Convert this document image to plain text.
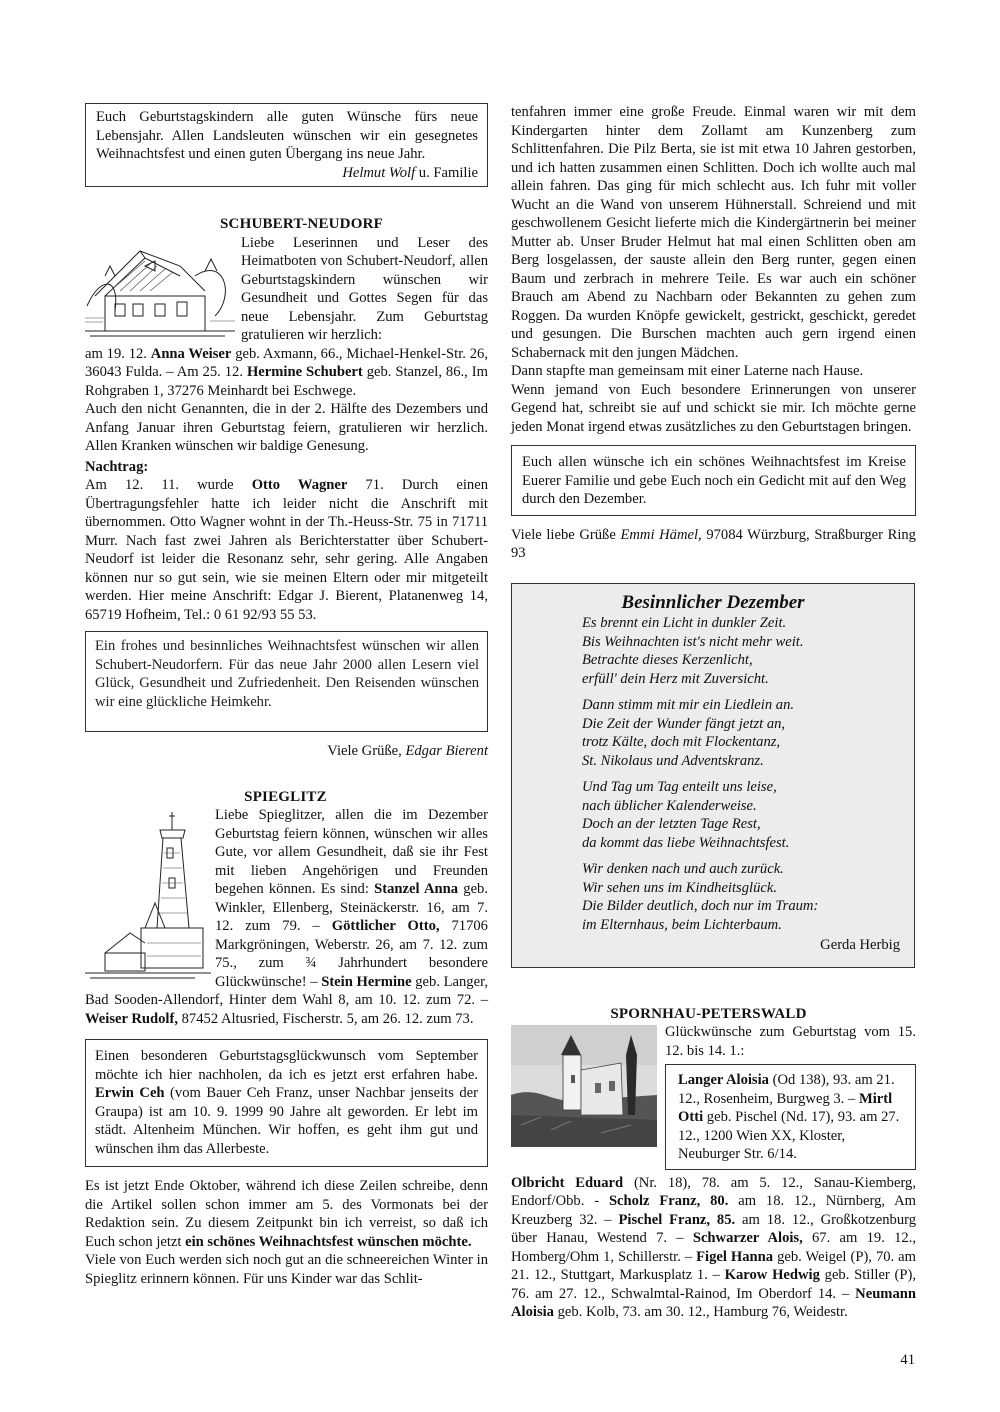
Euch Geburtstagskindern alle guten Wünsche fürs neue Lebensjahr. Allen Landsleuten wünschen wir ein gesegnetes Weihnachtsfest und einen guten Übergang ins neue Jahr.

Helmut Wolf u. Familie

SCHUBERT-NEUDORF

Liebe Leserinnen und Leser des Heimatboten von Schubert-Neudorf, allen Geburtstagskindern wünschen wir Gesundheit und Gottes Segen für das neue Lebensjahr. Zum Geburtstag gratulieren wir herzlich:

am 19. 12. Anna Weiser geb. Axmann, 66., Michael-Henkel-Str. 26, 36043 Fulda. – Am 25. 12. Hermine Schubert geb. Stanzel, 86., Im Rohgraben 1, 37276 Meinhardt bei Eschwege.

Auch den nicht Genannten, die in der 2. Hälfte des Dezembers und Anfang Januar ihren Geburtstag feiern, gratulieren wir herzlich. Allen Kranken wünschen wir baldige Genesung.

Nachtrag:

Am 12. 11. wurde Otto Wagner 71. Durch einen Übertragungsfehler hatte ich leider nicht die Anschrift mit übernommen. Otto Wagner wohnt in der Th.-Heuss-Str. 75 in 71711 Murr. Nach fast zwei Jahren als Berichterstatter über Schubert-Neudorf ist leider die Resonanz sehr, sehr gering. Alle Angaben können nur so gut sein, wie sie meinen Eltern oder mir mitgeteilt werden. Hier meine Anschrift: Edgar J. Bierent, Platanenweg 14, 65719 Hofheim, Tel.: 0 61 92/93 55 53.

Ein frohes und besinnliches Weihnachtsfest wünschen wir allen Schubert-Neudorfern. Für das neue Jahr 2000 allen Lesern viel Glück, Gesundheit und Zufriedenheit. Den Reisenden wünschen wir eine glückliche Heimkehr.

Viele Grüße, Edgar Bierent

SPIEGLITZ

Liebe Spieglitzer, allen die im Dezember Geburtstag feiern können, wünschen wir alles Gute, vor allem Gesundheit, daß sie ihr Fest mit lieben Angehörigen und Freunden begehen können. Es sind: Stanzel Anna geb. Winkler, Ellenberg, Steinäckerstr. 16, am 7. 12. zum 79. – Göttlicher Otto, 71706 Markgröningen, Weberstr. 26, am 7. 12. zum 75., zum ¾ Jahrhundert besondere Glückwünsche! – Stein Hermine geb. Langer, Bad Sooden-Allendorf, Hinter dem Wahl 8, am 10. 12. zum 72. – Weiser Rudolf, 87452 Altusried, Fischerstr. 5, am 26. 12. zum 73.

Einen besonderen Geburtstagsglückwunsch vom September möchte ich hier nachholen, da ich es jetzt erst erfahren habe. Erwin Ceh (vom Bauer Ceh Franz, unser Nachbar jenseits der Graupa) ist am 10. 9. 1999 90 Jahre alt geworden. Er lebt im städt. Altenheim München. Wir hoffen, es geht ihm gut und wünschen ihm das Allerbeste.

Es ist jetzt Ende Oktober, während ich diese Zeilen schreibe, denn die Artikel sollen schon immer am 5. des Vormonats bei der Redaktion sein. Zu diesem Zeitpunkt bin ich verreist, so daß ich Euch schon jetzt ein schönes Weihnachtsfest wünschen möchte.

Viele von Euch werden sich noch gut an die schneereichen Winter in Spieglitz erinnern können. Für uns Kinder war das Schlit-

tenfahren immer eine große Freude. Einmal waren wir mit dem Kindergarten hinter dem Zollamt am Kunzenberg zum Schlittenfahren. Die Pilz Berta, sie ist mit etwa 10 Jahren gestorben, und ich hatten zusammen einen Schlitten. Doch ich wollte auch mal allein fahren. Das ging für mich schlecht aus. Ich fuhr mit voller Wucht an die Wand von unserem Hühnerstall. Schreiend und mit geschwollenem Gesicht lieferte mich die Kindergärtnerin bei meiner Mutter ab. Unser Bruder Helmut hat mal einen Schlitten oben am Berg losgelassen, der sauste allein den Berg runter, gegen einen Baum und zerbrach in mehrere Teile. Es war auch ein schöner Brauch am Abend zu Nachbarn oder Bekannten zu gehen zum Roggen. Da wurden Knöpfe gewickelt, gestrickt, geschickt, geredet und gesungen. Die Burschen machten auch gern irgend einen Schabernack mit den jungen Mädchen.

Dann stapfte man gemeinsam mit einer Laterne nach Hause.

Wenn jemand von Euch besondere Erinnerungen von unserer Gegend hat, schreibt sie auf und schickt sie mir. Ich möchte gerne jeden Monat irgend etwas zusätzliches zu den Geburtstagen bringen.

Euch allen wünsche ich ein schönes Weihnachtsfest im Kreise Euerer Familie und gebe Euch noch ein Gedicht mit auf den Weg durch den Dezember.

Viele liebe Grüße Emmi Hämel, 97084 Würzburg, Straßburger Ring 93

Besinnlicher Dezember
Es brennt ein Licht in dunkler Zeit.
Bis Weihnachten ist's nicht mehr weit.
Betrachte dieses Kerzenlicht,
erfüll' dein Herz mit Zuversicht.
Dann stimm mit mir ein Liedlein an.
Die Zeit der Wunder fängt jetzt an,
trotz Kälte, doch mit Flockentanz,
St. Nikolaus und Adventskranz.
Und Tag um Tag enteilt uns leise,
nach üblicher Kalenderweise.
Doch an der letzten Tage Rest,
da kommt das liebe Weihnachtsfest.
Wir denken nach und auch zurück.
Wir sehen uns im Kindheitsglück.
Die Bilder deutlich, doch nur im Traum:
im Elternhaus, beim Lichterbaum.

Gerda Herbig

SPORNHAU-PETERSWALD

Glückwünsche zum Geburtstag vom 15. 12. bis 14. 1.:

Langer Aloisia (Od 138), 93. am 21. 12., Rosenheim, Burgweg 3. – Mirtl Otti geb. Pischel (Nd. 17), 93. am 27. 12., 1200 Wien XX, Kloster, Neuburger Str. 6/14.

Olbricht Eduard (Nr. 18), 78. am 5. 12., Sanau-Kiemberg, Endorf/Obb. - Scholz Franz, 80. am 18. 12., Nürnberg, Am Kreuzberg 32. – Pischel Franz, 85. am 18. 12., Großkotzenburg über Hanau, Westend 7. – Schwarzer Alois, 67. am 19. 12., Homberg/Ohm 1, Schillerstr. – Figel Hanna geb. Weigel (P), 70. am 21. 12., Stuttgart, Markusplatz 1. – Karow Hedwig geb. Stiller (P), 76. am 27. 12., Schwalmtal-Rainod, Im Oberdorf 14. – Neumann Aloisia geb. Kolb, 73. am 30. 12., Hamburg 76, Weidestr.

41
